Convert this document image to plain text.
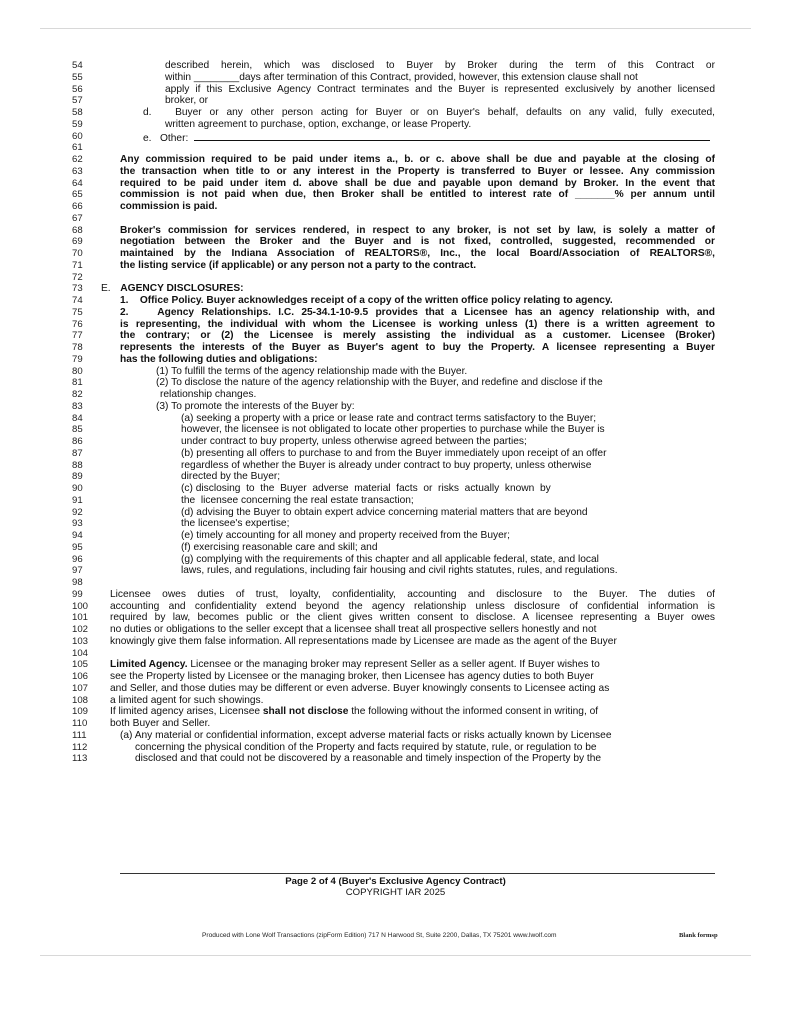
54	described herein, which was disclosed to Buyer by Broker during the term of this Contract or
55	within ________days after termination of this Contract, provided, however, this extension clause shall not
56	apply if this Exclusive Agency Contract terminates and the Buyer is represented exclusively by another licensed
57	broker, or
58	d.   Buyer or any other person acting for Buyer or on Buyer's behalf, defaults on any valid, fully executed,
59	written agreement to purchase, option, exchange, or lease Property.
60	e.   Other:
61
62	Any commission required to be paid under items a., b. or c. above shall be due and payable at the closing of
63	the transaction when title to or any interest in the Property is transferred to Buyer or lessee. Any commission
64	required to be paid under item d. above shall be due and payable upon demand by Broker. In the event that
65	commission is not paid when due, then Broker shall be entitled to interest rate of _______% per annum until
66	commission is paid.
67
68	Broker's commission for services rendered, in respect to any broker, is not set by law, is solely a matter of
69	negotiation between the Broker and the Buyer and is not fixed, controlled, suggested, recommended or
70	maintained by the Indiana Association of REALTORS®, Inc., the local Board/Association of REALTORS®,
71	the listing service (if applicable) or any person not a party to the contract.
72
73	E.  AGENCY DISCLOSURES:
74	1.    Office Policy. Buyer acknowledges receipt of a copy of the written office policy relating to agency.
75	2.    Agency Relationships. I.C. 25-34.1-10-9.5 provides that a Licensee has an agency relationship with, and
76	is representing, the individual with whom the Licensee is working unless (1) there is a written agreement to
77	the contrary; or (2) the Licensee is merely assisting the individual as a customer. Licensee (Broker)
78	represents the interests of the Buyer as Buyer's agent to buy the Property. A licensee representing a Buyer
79	has the following duties and obligations:
80	(1) To fulfill the terms of the agency relationship made with the Buyer.
81	(2) To disclose the nature of the agency relationship with the Buyer, and redefine and disclose if the
82	relationship changes.
83	(3) To promote the interests of the Buyer by:
84	(a) seeking a property with a price or lease rate and contract terms satisfactory to the Buyer;
85	however, the licensee is not obligated to locate other properties to purchase while the Buyer is
86	under contract to buy property, unless otherwise agreed between the parties;
87	(b) presenting all offers to purchase to and from the Buyer immediately upon receipt of an offer
88	regardless of whether the Buyer is already under contract to buy property, unless otherwise
89	directed by the Buyer;
90	(c) disclosing  to  the  Buyer  adverse  material  facts  or  risks  actually  known  by
91	the  licensee concerning the real estate transaction;
92	(d) advising the Buyer to obtain expert advice concerning material matters that are beyond
93	the licensee's expertise;
94	(e) timely accounting for all money and property received from the Buyer;
95	(f) exercising reasonable care and skill; and
96	(g) complying with the requirements of this chapter and all applicable federal, state, and local
97	laws, rules, and regulations, including fair housing and civil rights statutes, rules, and regulations.
98
99	Licensee owes duties of trust, loyalty, confidentiality, accounting and disclosure to the Buyer. The duties of
100	accounting and confidentiality extend beyond the agency relationship unless disclosure of confidential information is
101	required by law, becomes public or the client gives written consent to disclose. A licensee representing a Buyer owes
102	no duties or obligations to the seller except that a licensee shall treat all prospective sellers honestly and not
103	knowingly give them false information. All representations made by Licensee are made as the agent of the Buyer
104
105	Limited Agency. Licensee or the managing broker may represent Seller as a seller agent. If Buyer wishes to
106	see the Property listed by Licensee or the managing broker, then Licensee has agency duties to both Buyer
107	and Seller, and those duties may be different or even adverse. Buyer knowingly consents to Licensee acting as
108	a limited agent for such showings.
109	If limited agency arises, Licensee shall not disclose the following without the informed consent in writing, of
110	both Buyer and Seller.
111	(a) Any material or confidential information, except adverse material facts or risks actually known by Licensee
112	concerning the physical condition of the Property and facts required by statute, rule, or regulation to be
113	disclosed and that could not be discovered by a reasonable and timely inspection of the Property by the
Page 2 of 4 (Buyer's Exclusive Agency Contract)
COPYRIGHT IAR 2025
Produced with Lone Wolf Transactions (zipForm Edition) 717 N Harwood St, Suite 2200, Dallas, TX 75201 www.lwolf.com	Blank formsp
